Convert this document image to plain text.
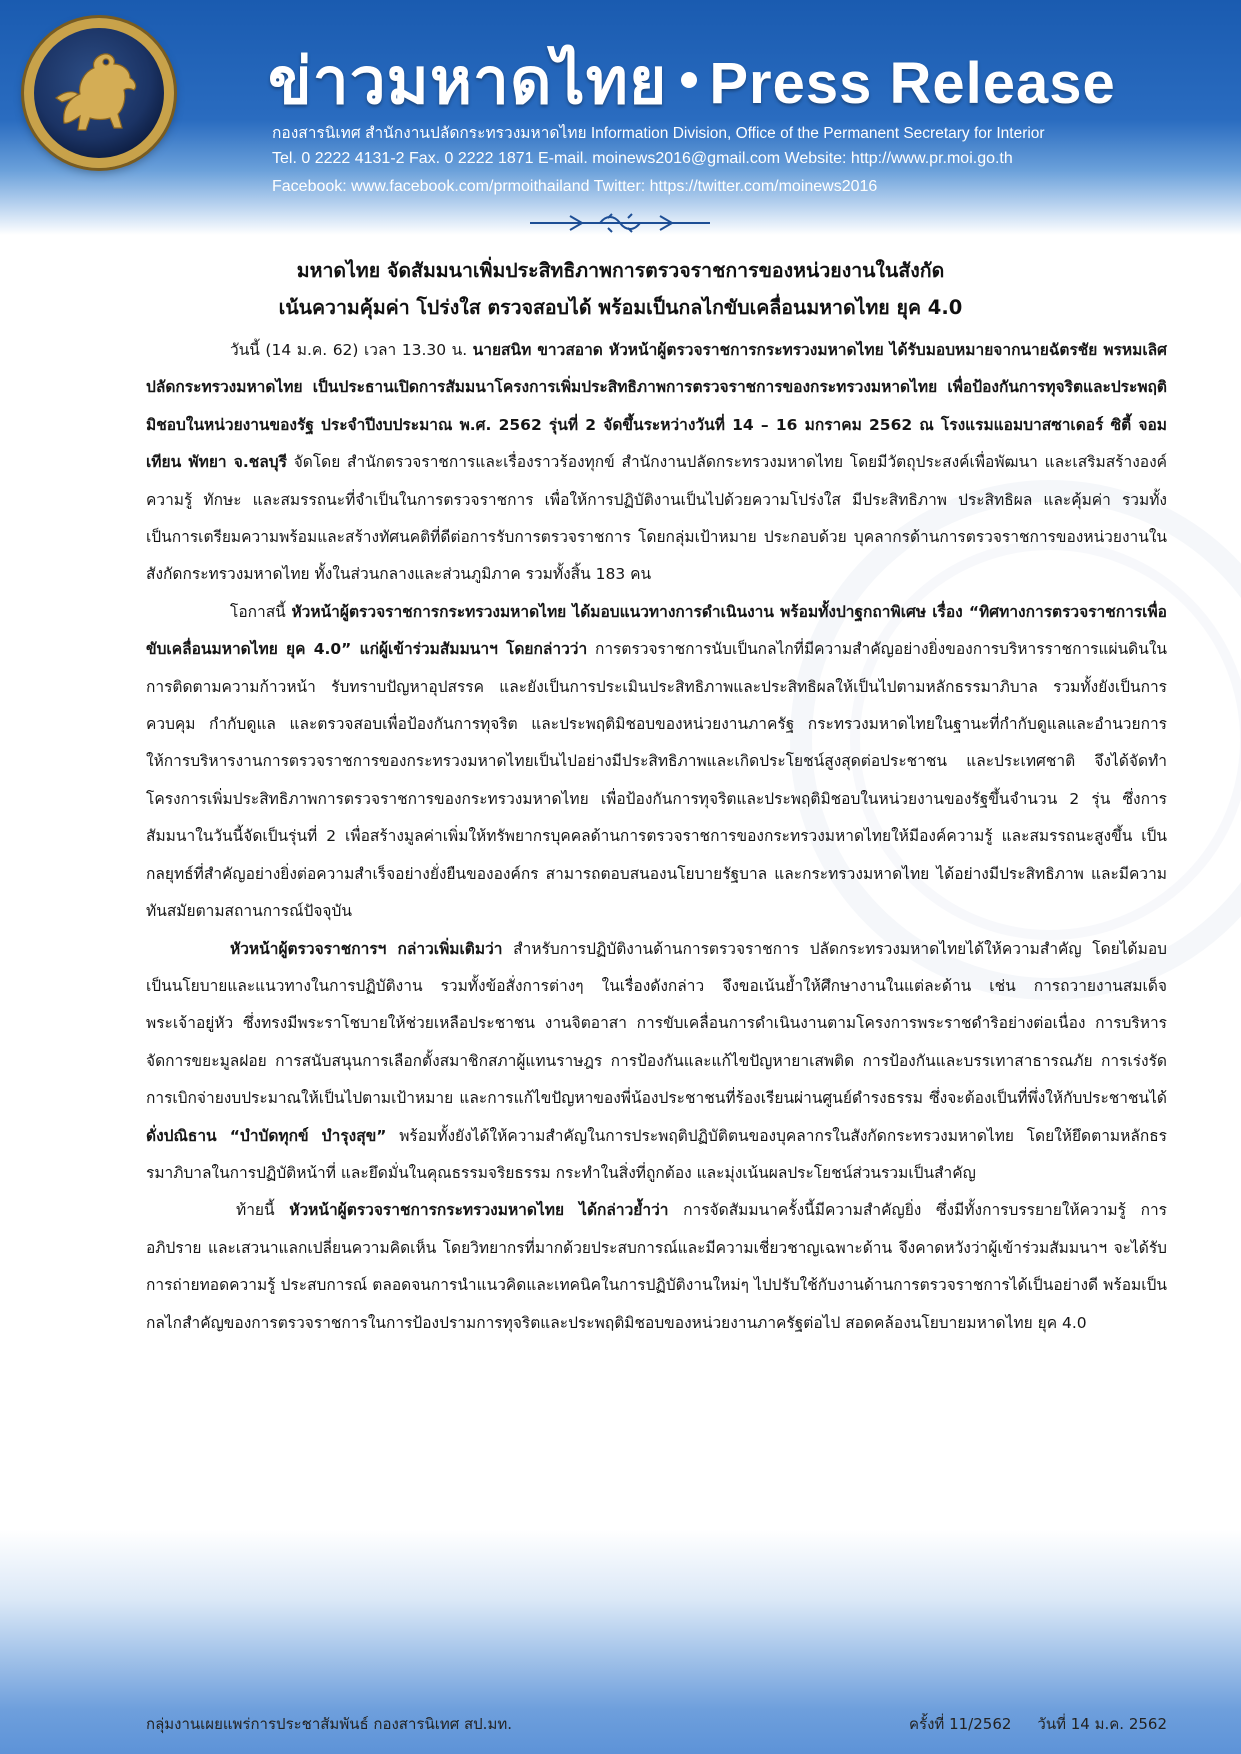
ข่าวมหาดไทย Press Release
กองสารนิเทศ สำนักงานปลัดกระทรวงมหาดไทย Information Division, Office of the Permanent Secretary for Interior
Tel. 0 2222 4131-2 Fax. 0 2222 1871 E-mail. moinews2016@gmail.com Website: http://www.pr.moi.go.th
Facebook: www.facebook.com/prmoithailand Twitter: https://twitter.com/moinews2016
มหาดไทย จัดสัมมนาเพิ่มประสิทธิภาพการตรวจราชการของหน่วยงานในสังกัด
เน้นความคุ้มค่า โปร่งใส ตรวจสอบได้ พร้อมเป็นกลไกขับเคลื่อนมหาดไทย ยุค 4.0

วันนี้ (14 ม.ค. 62) เวลา 13.30 น. นายสนิท ขาวสอาด หัวหน้าผู้ตรวจราชการกระทรวงมหาดไทย ได้รับมอบหมายจากนายฉัตรชัย พรหมเลิศ ปลัดกระทรวงมหาดไทย เป็นประธานเปิดการสัมมนาโครงการเพิ่มประสิทธิภาพการตรวจราชการของกระทรวงมหาดไทย เพื่อป้องกันการทุจริตและประพฤติมิชอบในหน่วยงานของรัฐ ประจำปีงบประมาณ พ.ศ. 2562 รุ่นที่ 2 จัดขึ้นระหว่างวันที่ 14 – 16 มกราคม 2562 ณ โรงแรมแอมบาสซาเดอร์ ซิตี้ จอมเทียน พัทยา จ.ชลบุรี จัดโดย สำนักตรวจราชการและเรื่องราวร้องทุกข์ สำนักงานปลัดกระทรวงมหาดไทย โดยมีวัตถุประสงค์เพื่อพัฒนา และเสริมสร้างองค์ความรู้ ทักษะ และสมรรถนะที่จำเป็นในการตรวจราชการ เพื่อให้การปฏิบัติงานเป็นไปด้วยความโปร่งใส มีประสิทธิภาพ ประสิทธิผล และคุ้มค่า รวมทั้งเป็นการเตรียมความพร้อมและสร้างทัศนคติที่ดีต่อการรับการตรวจราชการ โดยกลุ่มเป้าหมาย ประกอบด้วย บุคลากรด้านการตรวจราชการของหน่วยงานในสังกัดกระทรวงมหาดไทย ทั้งในส่วนกลางและส่วนภูมิภาค รวมทั้งสิ้น 183 คน

โอกาสนี้ หัวหน้าผู้ตรวจราชการกระทรวงมหาดไทย ได้มอบแนวทางการดำเนินงาน พร้อมทั้งปาฐกถาพิเศษ เรื่อง “ทิศทางการตรวจราชการเพื่อขับเคลื่อนมหาดไทย ยุค 4.0” แก่ผู้เข้าร่วมสัมมนาฯ โดยกล่าวว่า การตรวจราชการนับเป็นกลไกที่มีความสำคัญอย่างยิ่งของการบริหารราชการแผ่นดินในการติดตามความก้าวหน้า รับทราบปัญหาอุปสรรค และยังเป็นการประเมินประสิทธิภาพและประสิทธิผลให้เป็นไปตามหลักธรรมาภิบาล รวมทั้งยังเป็นการควบคุม กำกับดูแล และตรวจสอบเพื่อป้องกันการทุจริต และประพฤติมิชอบของหน่วยงานภาครัฐ กระทรวงมหาดไทยในฐานะที่กำกับดูแลและอำนวยการให้การบริหารงานการตรวจราชการของกระทรวงมหาดไทยเป็นไปอย่างมีประสิทธิภาพและเกิดประโยชน์สูงสุดต่อประชาชน และประเทศชาติ จึงได้จัดทำโครงการเพิ่มประสิทธิภาพการตรวจราชการของกระทรวงมหาดไทย เพื่อป้องกันการทุจริตและประพฤติมิชอบในหน่วยงานของรัฐขึ้นจำนวน 2 รุ่น ซึ่งการสัมมนาในวันนี้จัดเป็นรุ่นที่ 2 เพื่อสร้างมูลค่าเพิ่มให้ทรัพยากรบุคคลด้านการตรวจราชการของกระทรวงมหาดไทยให้มีองค์ความรู้ และสมรรถนะสูงขึ้น เป็นกลยุทธ์ที่สำคัญอย่างยิ่งต่อความสำเร็จอย่างยั่งยืนขององค์กร สามารถตอบสนองนโยบายรัฐบาล และกระทรวงมหาดไทย ได้อย่างมีประสิทธิภาพ และมีความทันสมัยตามสถานการณ์ปัจจุบัน

หัวหน้าผู้ตรวจราชการฯ กล่าวเพิ่มเติมว่า สำหรับการปฏิบัติงานด้านการตรวจราชการ ปลัดกระทรวงมหาดไทยได้ให้ความสำคัญ โดยได้มอบเป็นนโยบายและแนวทางในการปฏิบัติงาน รวมทั้งข้อสั่งการต่างๆ ในเรื่องดังกล่าว จึงขอเน้นย้ำให้ศึกษางานในแต่ละด้าน เช่น การถวายงานสมเด็จพระเจ้าอยู่หัว ซึ่งทรงมีพระราโชบายให้ช่วยเหลือประชาชน งานจิตอาสา การขับเคลื่อนการดำเนินงานตามโครงการพระราชดำริอย่างต่อเนื่อง การบริหารจัดการขยะมูลฝอย การสนับสนุนการเลือกตั้งสมาชิกสภาผู้แทนราษฎร การป้องกันและแก้ไขปัญหายาเสพติด การป้องกันและบรรเทาสาธารณภัย การเร่งรัดการเบิกจ่ายงบประมาณให้เป็นไปตามเป้าหมาย และการแก้ไขปัญหาของพี่น้องประชาชนที่ร้องเรียนผ่านศูนย์ดำรงธรรม ซึ่งจะต้องเป็นที่พึ่งให้กับประชาชนได้ ดั่งปณิธาน “บำบัดทุกข์ บำรุงสุข” พร้อมทั้งยังได้ให้ความสำคัญในการประพฤติปฏิบัติตนของบุคลากรในสังกัดกระทรวงมหาดไทย โดยให้ยึดตามหลักธรรมาภิบาลในการปฏิบัติหน้าที่ และยึดมั่นในคุณธรรมจริยธรรม กระทำในสิ่งที่ถูกต้อง และมุ่งเน้นผลประโยชน์ส่วนรวมเป็นสำคัญ

ท้ายนี้ หัวหน้าผู้ตรวจราชการกระทรวงมหาดไทย ได้กล่าวย้ำว่า การจัดสัมมนาครั้งนี้มีความสำคัญยิ่ง ซึ่งมีทั้งการบรรยายให้ความรู้ การอภิปราย และเสวนาแลกเปลี่ยนความคิดเห็น โดยวิทยากรที่มากด้วยประสบการณ์และมีความเชี่ยวชาญเฉพาะด้าน จึงคาดหวังว่าผู้เข้าร่วมสัมมนาฯ จะได้รับการถ่ายทอดความรู้ ประสบการณ์ ตลอดจนการนำแนวคิดและเทคนิคในการปฏิบัติงานใหม่ๆ ไปปรับใช้กับงานด้านการตรวจราชการได้เป็นอย่างดี พร้อมเป็นกลไกสำคัญของการตรวจราชการในการป้องปรามการทุจริตและประพฤติมิชอบของหน่วยงานภาครัฐต่อไป สอดคล้องนโยบายมหาดไทย ยุค 4.0

กลุ่มงานเผยแพร่การประชาสัมพันธ์ กองสารนิเทศ สป.มท.	ครั้งที่ 11/2562 วันที่ 14 ม.ค. 2562
